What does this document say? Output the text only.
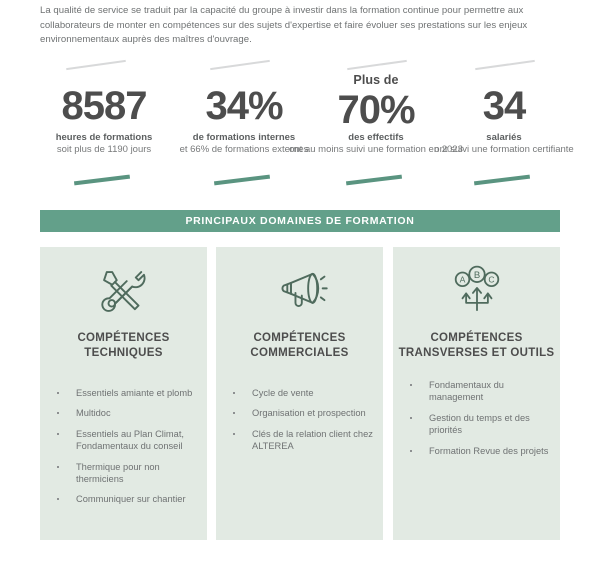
La qualité de service se traduit par la capacité du groupe à investir dans la formation continue pour permettre aux collaborateurs de monter en compétences sur des sujets d'expertise et faire évoluer ses prestations sur les enjeux environnementaux auprès des maîtres d'ouvrage.
8587
heures de formations
soit plus de 1190 jours
34%
de formations internes
et 66% de formations externes
Plus de
70%
des effectifs
ont au moins suivi une formation en 2023
34
salariés
ont suivi une formation certifiante
PRINCIPAUX DOMAINES DE FORMATION
COMPÉTENCES TECHNIQUES
Essentiels amiante et plomb
Multidoc
Essentiels au Plan Climat, Fondamentaux du conseil
Thermique pour non thermiciens
Communiquer sur chantier
COMPÉTENCES COMMERCIALES
Cycle de vente
Organisation et prospection
Clés de la relation client chez ALTEREA
A B C
COMPÉTENCES TRANSVERSES ET OUTILS
Fondamentaux du management
Gestion du temps et des priorités
Formation Revue des projets
